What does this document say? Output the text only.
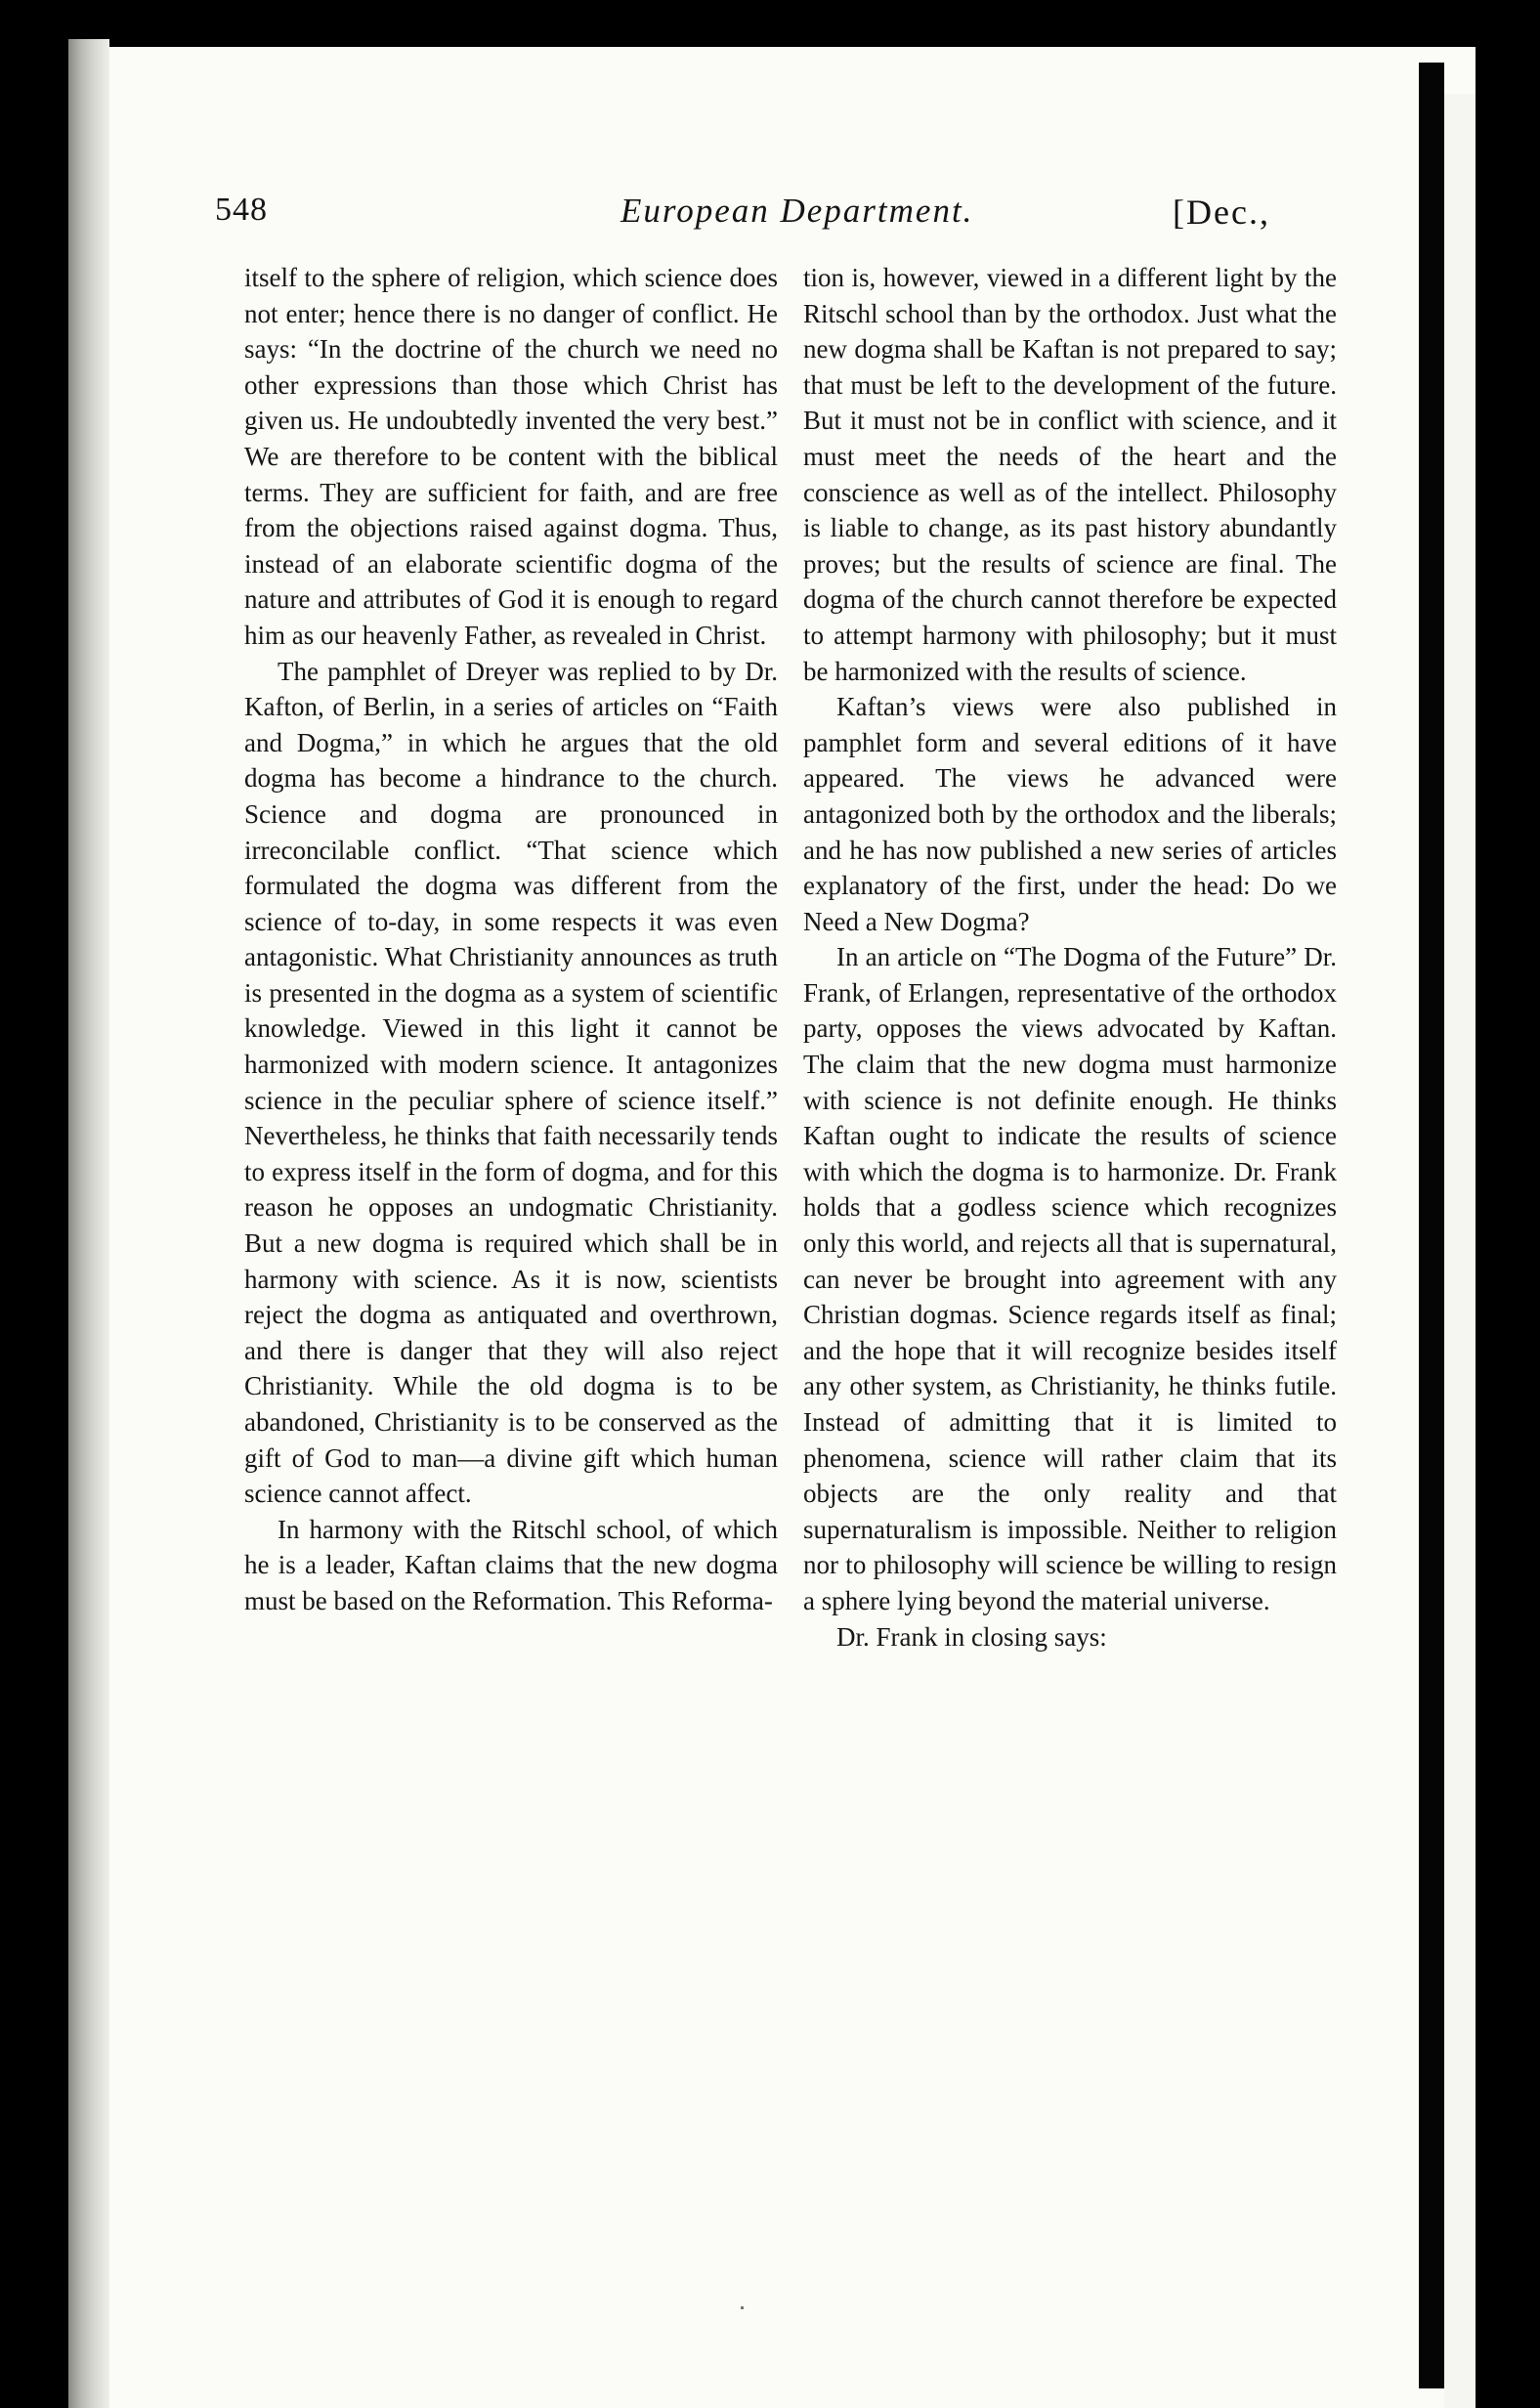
548	European Department.	[Dec.,

itself to the sphere of religion, which science does not enter; hence there is no danger of conflict. He says: “In the doctrine of the church we need no other expressions than those which Christ has given us. He undoubtedly invented the very best.” We are therefore to be content with the biblical terms. They are sufficient for faith, and are free from the objections raised against dogma. Thus, instead of an elaborate scientific dogma of the nature and attributes of God it is enough to regard him as our heavenly Father, as revealed in Christ.

The pamphlet of Dreyer was replied to by Dr. Kafton, of Berlin, in a series of articles on “Faith and Dogma,” in which he argues that the old dogma has become a hindrance to the church. Science and dogma are pronounced in irreconcilable conflict. “That science which formulated the dogma was different from the science of to-day, in some respects it was even antagonistic. What Christianity announces as truth is presented in the dogma as a system of scientific knowledge. Viewed in this light it cannot be harmonized with modern science. It antagonizes science in the peculiar sphere of science itself.” Nevertheless, he thinks that faith necessarily tends to express itself in the form of dogma, and for this reason he opposes an undogmatic Christianity. But a new dogma is required which shall be in harmony with science. As it is now, scientists reject the dogma as antiquated and overthrown, and there is danger that they will also reject Christianity. While the old dogma is to be abandoned, Christianity is to be conserved as the gift of God to man—a divine gift which human science cannot affect.

In harmony with the Ritschl school, of which he is a leader, Kaftan claims that the new dogma must be based on the Reformation. This Reforma-

tion is, however, viewed in a different light by the Ritschl school than by the orthodox. Just what the new dogma shall be Kaftan is not prepared to say; that must be left to the development of the future. But it must not be in conflict with science, and it must meet the needs of the heart and the conscience as well as of the intellect. Philosophy is liable to change, as its past history abundantly proves; but the results of science are final. The dogma of the church cannot therefore be expected to attempt harmony with philosophy; but it must be harmonized with the results of science.

Kaftan’s views were also published in pamphlet form and several editions of it have appeared. The views he advanced were antagonized both by the orthodox and the liberals; and he has now published a new series of articles explanatory of the first, under the head: Do we Need a New Dogma?

In an article on “The Dogma of the Future” Dr. Frank, of Erlangen, representative of the orthodox party, opposes the views advocated by Kaftan. The claim that the new dogma must harmonize with science is not definite enough. He thinks Kaftan ought to indicate the results of science with which the dogma is to harmonize. Dr. Frank holds that a godless science which recognizes only this world, and rejects all that is supernatural, can never be brought into agreement with any Christian dogmas. Science regards itself as final; and the hope that it will recognize besides itself any other system, as Christianity, he thinks futile. Instead of admitting that it is limited to phenomena, science will rather claim that its objects are the only reality and that supernaturalism is impossible. Neither to religion nor to philosophy will science be willing to resign a sphere lying beyond the material universe.

Dr. Frank in closing says:
